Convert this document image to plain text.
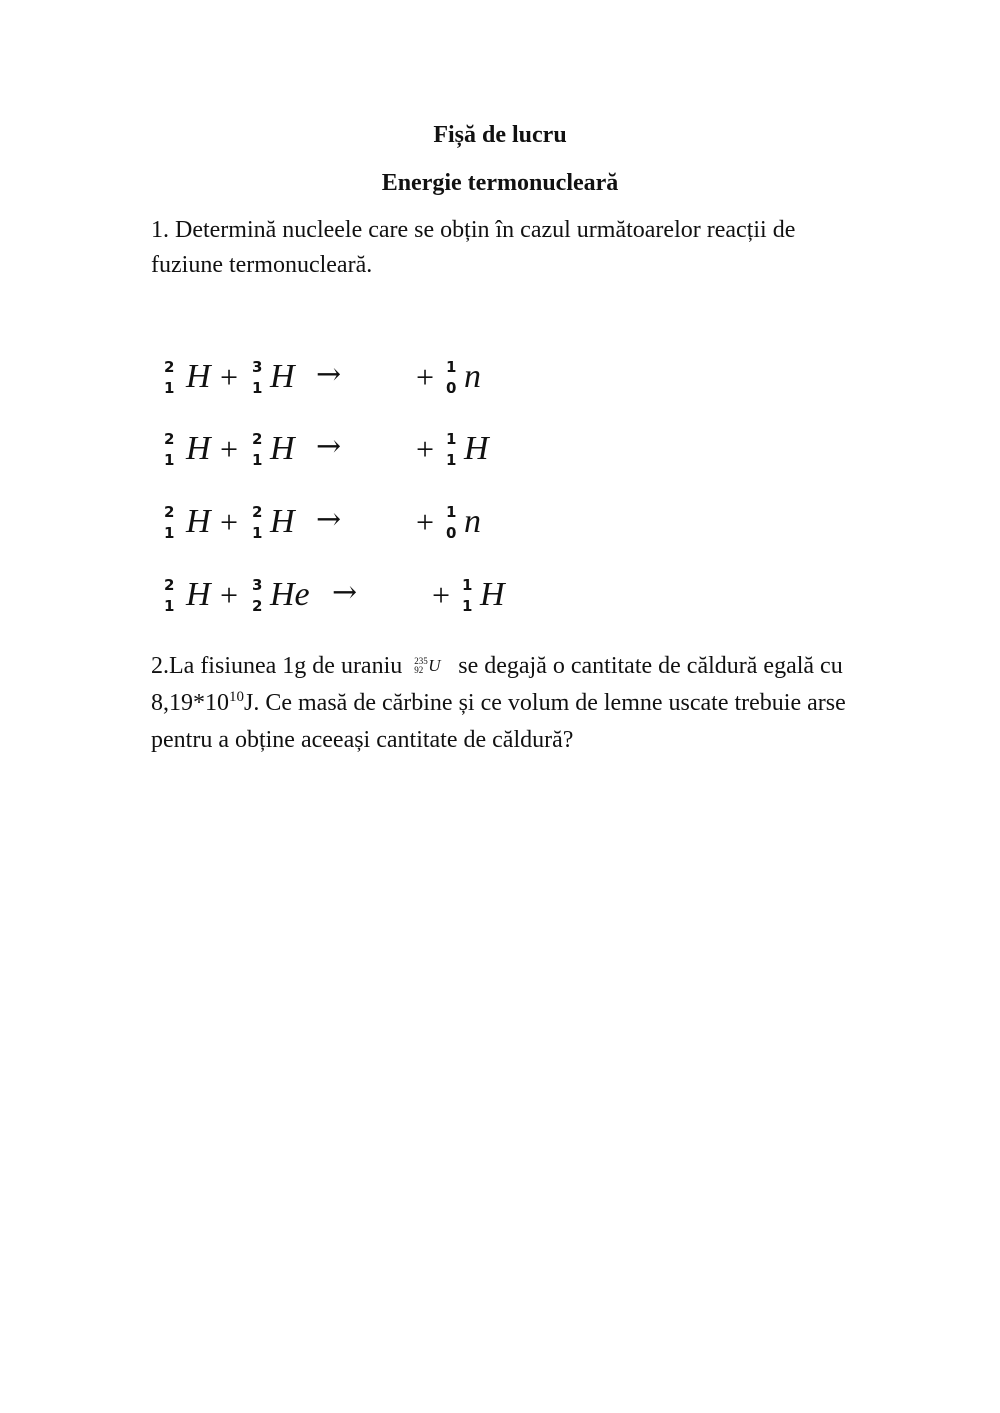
Fișă de lucru
Energie termonucleară
1. Determină nucleele care se obțin în cazul următoarelor reacții de fuziune termonucleară.
2
1 H + 3
1 H → + 1
0 n
2
1 H + 2
1 H → + 1
1 H
2
1 H + 2
1 H → + 1
0 n
2
1 H + 3
2 He → + 1
1 H
2.La fisiunea 1g de uraniu 235
92 U se degajă o cantitate de căldură egală cu $8,19*10^{10}J$. Ce masă de cărbine și ce volum de lemne uscate trebuie arse pentru a obține aceeași cantitate de căldură?
